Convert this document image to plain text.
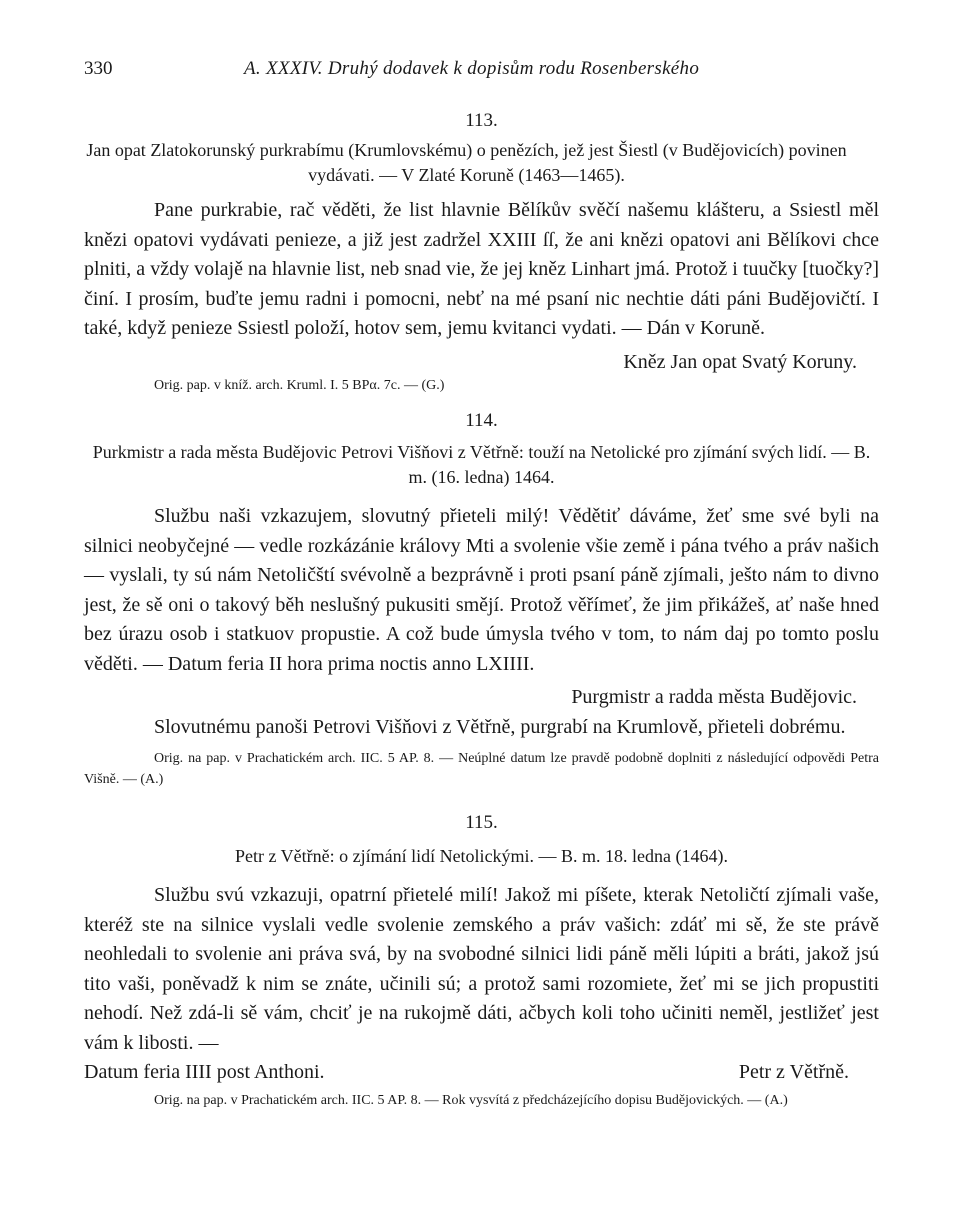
330	A. XXXIV. Druhý dodavek k dopisům rodu Rosenberského
113.
Jan opat Zlatokorunský purkrabímu (Krumlovskému) o penězích, jež jest Šiestl (v Budějovicích) povinen vydávati. — V Zlaté Koruně (1463—1465).

Pane purkrabie, rač věděti, že list hlavnie Bělíkův svěčí našemu klášteru, a Ssiestl měl knězi opatovi vydávati penieze, a již jest zadržel XXIII ſſ, že ani knězi opatovi ani Bělíkovi chce plniti, a vždy volajě na hlavnie list, neb snad vie, že jej kněz Linhart jmá. Protož i tuučky [tuočky?] činí. I prosím, buďte jemu radni i pomocni, nebť na mé psaní nic nechtie dáti páni Budějovičtí. I také, když penieze Ssiestl položí, hotov sem, jemu kvitanci vydati. — Dán v Koruně.

Kněz Jan opat Svatý Koruny.
Orig. pap. v kníž. arch. Kruml. I. 5 BPα. 7c. — (G.)
114.
Purkmistr a rada města Budějovic Petrovi Višňovi z Větřně: touží na Netolické pro zjímání svých lidí. — B. m. (16. ledna) 1464.

Službu naši vzkazujem, slovutný přieteli milý! Vědětiť dáváme, žeť sme své byli na silnici neobyčejné — vedle rozkázánie královy Mti a svolenie všie země i pána tvého a práv našich — vyslali, ty sú nám Netoličští svévolně a bezprávně i proti psaní páně zjímali, ješto nám to divno jest, že sě oni o takový běh neslušný pukusiti smějí. Protož věřímeť, že jim přikážeš, ať naše hned bez úrazu osob i statkuov propustie. A což bude úmysla tvého v tom, to nám daj po tomto poslu věděti. — Datum feria II hora prima noctis anno LXIIII.

Purgmistr a radda města Budějovic.
Slovutnému panoši Petrovi Višňovi z Větřně, purgrabí na Krumlově, přieteli dobrému.
Orig. na pap. v Prachatickém arch. IIC. 5 AP. 8. — Neúplné datum lze pravdě podobně doplniti z následující odpovědi Petra Višně. — (A.)
115.
Petr z Větřně: o zjímání lidí Netolickými. — B. m. 18. ledna (1464).

Službu svú vzkazuji, opatrní přietelé milí! Jakož mi píšete, kterak Netoličtí zjímali vaše, kteréž ste na silnice vyslali vedle svolenie zemského a práv vašich: zdáť mi sě, že ste právě neohledali to svolenie ani práva svá, by na svobodné silnici lidi páně měli lúpiti a bráti, jakož jsú tito vaši, poněvadž k nim se znáte, učinili sú; a protož sami rozomiete, žeť mi se jich propustiti nehodí. Než zdá-li sě vám, chciť je na rukojmě dáti, ačbych koli toho učiniti neměl, jestližeť jest vám k libosti. —

Datum feria IIII post Anthoni.	Petr z Větřně.
Orig. na pap. v Prachatickém arch. IIC. 5 AP. 8. — Rok vysvítá z předcházejícího dopisu Budějovických. — (A.)
